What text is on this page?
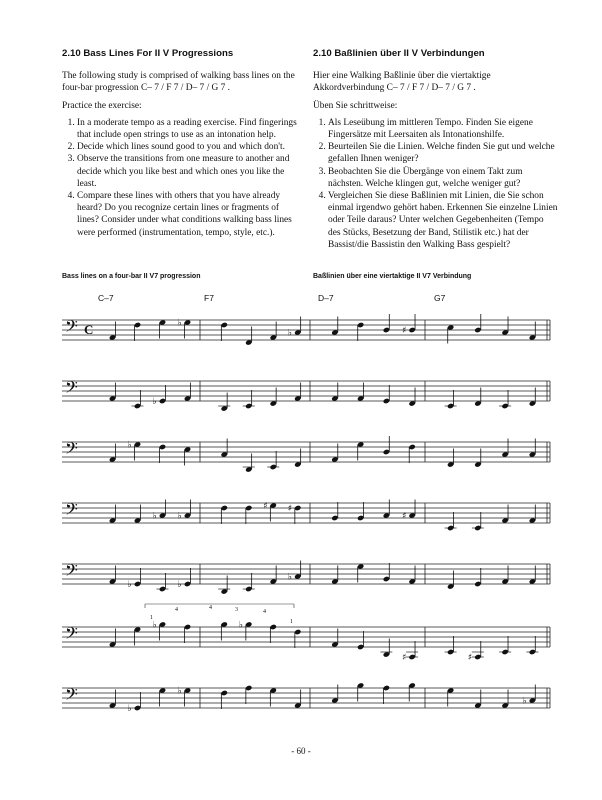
2.10 Bass Lines For II V Progressions

The following study is comprised of walking bass lines on the four-bar progression C– 7 / F 7 / D– 7 / G 7 .

Practice the exercise:

1. In a moderate tempo as a reading exercise. Find fingerings that include open strings to use as an intonation help.
2. Decide which lines sound good to you and which don't.
3. Observe the transitions from one measure to another and decide which you like best and which ones you like the least.
4. Compare these lines with others that you have already heard? Do you recognize certain lines or fragments of lines? Consider under what conditions walking bass lines were performed (instrumentation, tempo, style, etc.).

2.10 Baßlinien über II V Verbindungen

Hier eine Walking Baßlinie über die viertaktige Akkordverbindung C– 7 / F 7 / D– 7 / G 7 .

Üben Sie schrittweise:

1. Als Leseübung im mittleren Tempo. Finden Sie eigene Fingersätze mit Leersaiten als Intonationshilfe.
2. Beurteilen Sie die Linien. Welche finden Sie gut und welche gefallen Ihnen weniger?
3. Beobachten Sie die Übergänge von einem Takt zum nächsten. Welche klingen gut, welche weniger gut?
4. Vergleichen Sie diese Baßlinien mit Linien, die Sie schon einmal irgendwo gehört haben. Erkennen Sie einzelne Linien oder Teile daraus? Unter welchen Gegebenheiten (Tempo des Stücks, Besetzung der Band, Stilistik etc.) hat der Bassist/die Bassistin den Walking Bass gespielt?
Bass lines on a four-bar II V7 progression	Baßlinien über eine viertaktige II V7 Verbindung
C–7	F7	D–7	G7
𝄢 C	♭
♭	♯
𝄢
♭
𝄢	♭
𝄢	♭ ♭
♯ ♯
♯
𝄢
♭	♭
♭
𝄢	♭	♭
♯	♯
𝄢
♭
♭
♭
1
4	4	3	4
1
- 60 -
